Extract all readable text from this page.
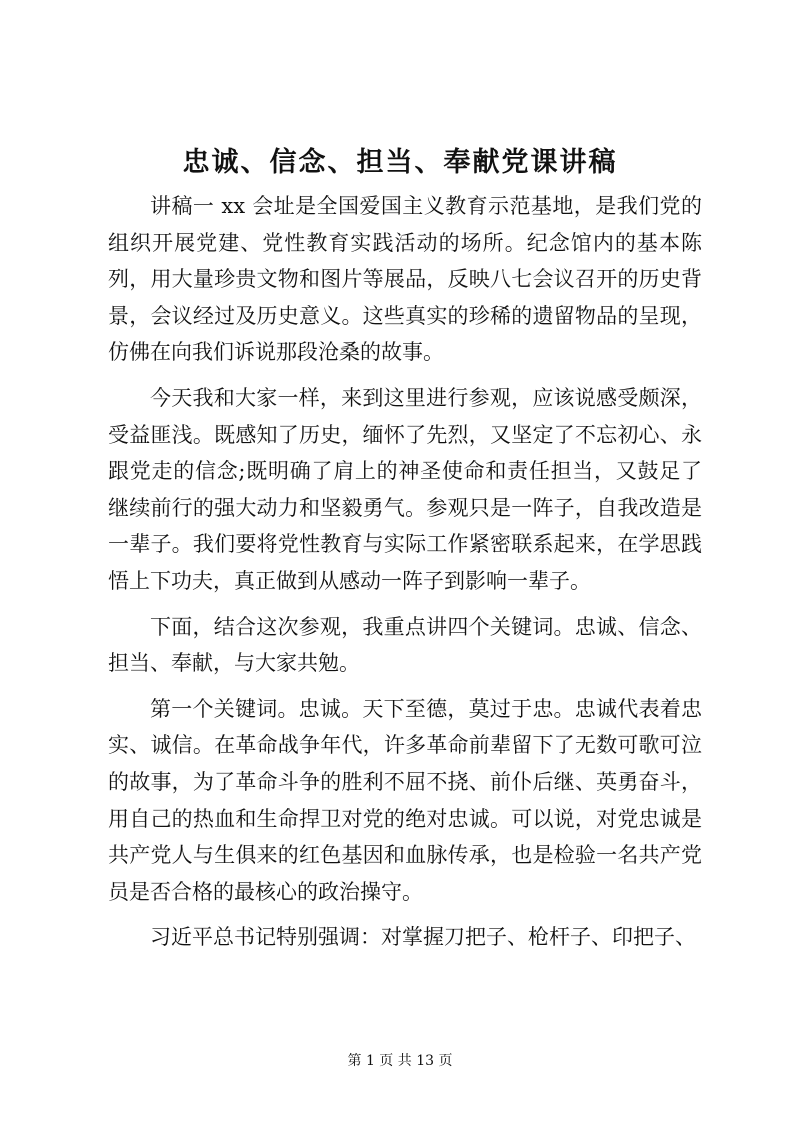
忠诚、信念、担当、奉献党课讲稿

讲稿一 xx 会址是全国爱国主义教育示范基地，是我们党的组织开展党建、党性教育实践活动的场所。纪念馆内的基本陈列，用大量珍贵文物和图片等展品，反映八七会议召开的历史背景，会议经过及历史意义。这些真实的珍稀的遗留物品的呈现，仿佛在向我们诉说那段沧桑的故事。

今天我和大家一样，来到这里进行参观，应该说感受颇深，受益匪浅。既感知了历史，缅怀了先烈，又坚定了不忘初心、永跟党走的信念;既明确了肩上的神圣使命和责任担当，又鼓足了继续前行的强大动力和坚毅勇气。参观只是一阵子，自我改造是一辈子。我们要将党性教育与实际工作紧密联系起来，在学思践悟上下功夫，真正做到从感动一阵子到影响一辈子。

下面，结合这次参观，我重点讲四个关键词。忠诚、信念、担当、奉献，与大家共勉。

第一个关键词。忠诚。天下至德，莫过于忠。忠诚代表着忠实、诚信。在革命战争年代，许多革命前辈留下了无数可歌可泣的故事，为了革命斗争的胜利不屈不挠、前仆后继、英勇奋斗，用自己的热血和生命捍卫对党的绝对忠诚。可以说，对党忠诚是共产党人与生俱来的红色基因和血脉传承，也是检验一名共产党员是否合格的最核心的政治操守。

习近平总书记特别强调：对掌握刀把子、枪杆子、印把子、

第 1 页 共 13 页
